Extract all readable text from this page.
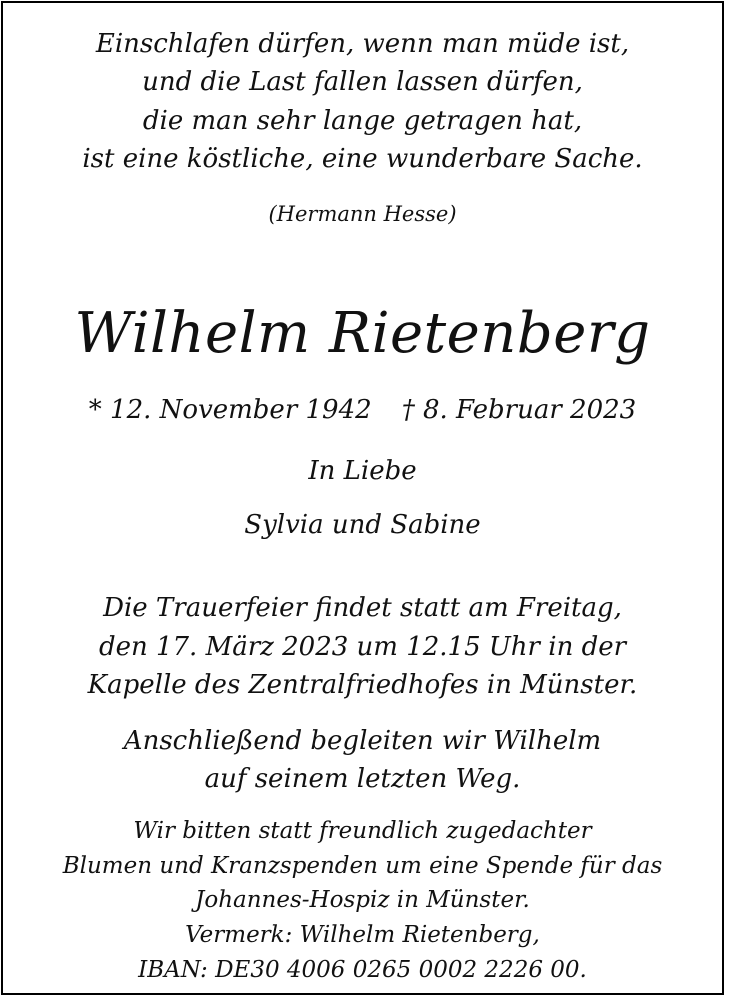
Einschlafen dürfen, wenn man müde ist,
und die Last fallen lassen dürfen,
die man sehr lange getragen hat,
ist eine köstliche, eine wunderbare Sache.
(Hermann Hesse)
Wilhelm Rietenberg
* 12. November 1942 † 8. Februar 2023
In Liebe
Sylvia und Sabine
Die Trauerfeier findet statt am Freitag,
den 17. März 2023 um 12.15 Uhr in der
Kapelle des Zentralfriedhofes in Münster.
Anschließend begleiten wir Wilhelm
auf seinem letzten Weg.
Wir bitten statt freundlich zugedachter
Blumen und Kranzspenden um eine Spende für das
Johannes-Hospiz in Münster.
Vermerk: Wilhelm Rietenberg,
IBAN: DE30 4006 0265 0002 2226 00.
